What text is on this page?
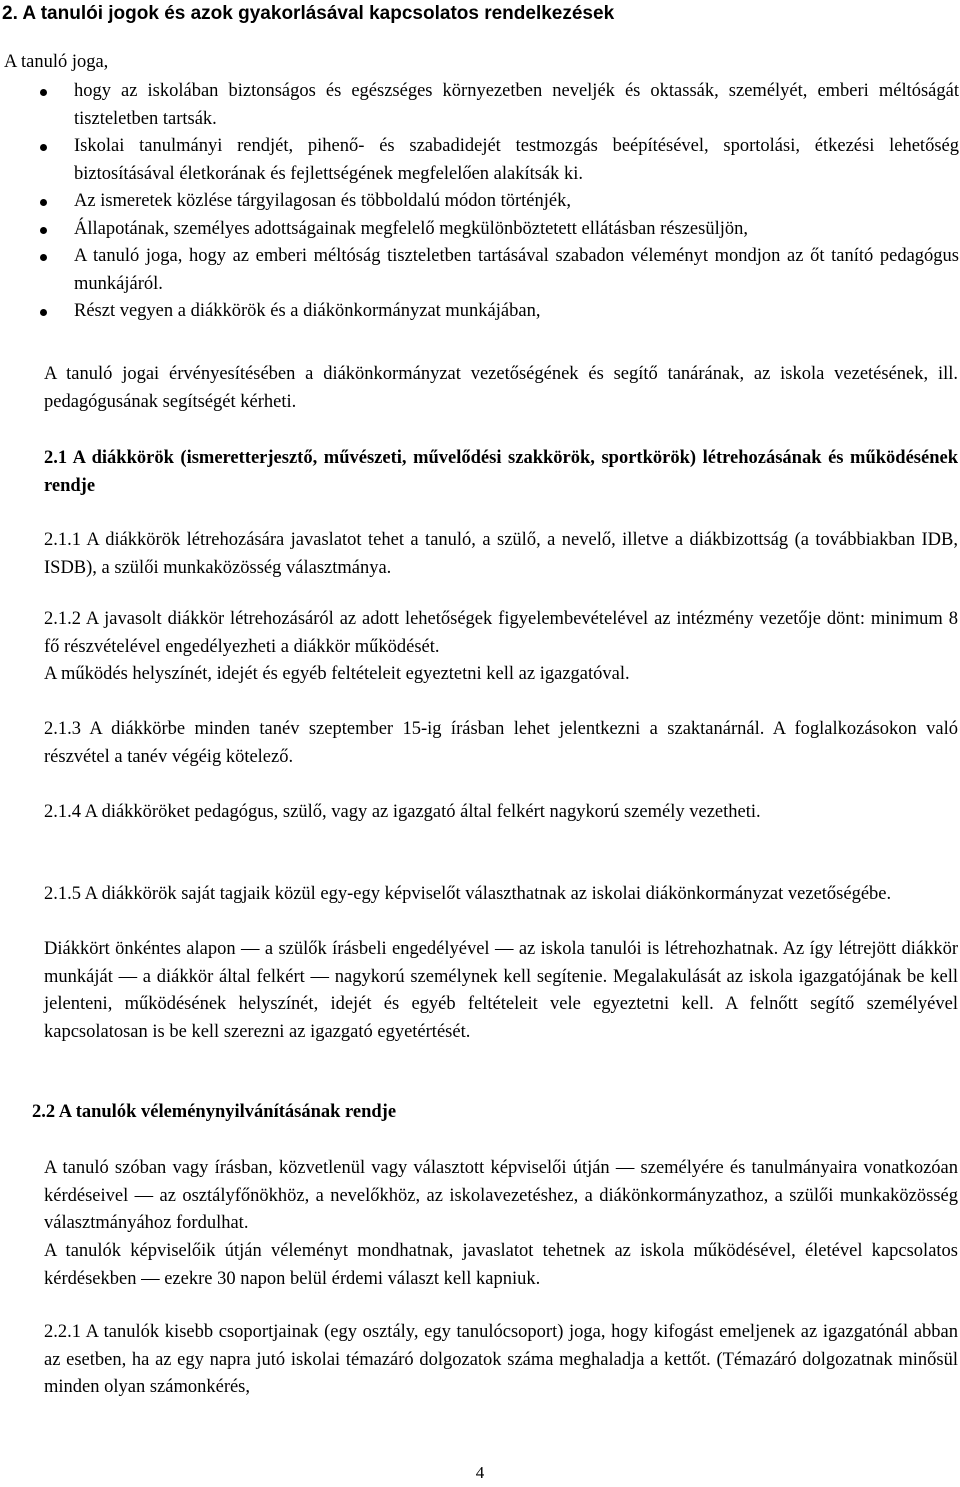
2. A tanulói jogok és azok gyakorlásával kapcsolatos rendelkezések
A tanuló joga,
hogy az iskolában biztonságos és egészséges környezetben neveljék és oktassák, személyét, emberi méltóságát tiszteletben tartsák.
Iskolai tanulmányi rendjét, pihenő- és szabadidejét testmozgás beépítésével, sportolási, étkezési lehetőség biztosításával életkorának és fejlettségének megfelelően alakítsák ki.
Az ismeretek közlése tárgyilagosan és többoldalú módon történjék,
Állapotának, személyes adottságainak megfelelő megkülönböztetett ellátásban részesüljön,
A tanuló joga, hogy az emberi méltóság tiszteletben tartásával szabadon véleményt mondjon az őt tanító pedagógus munkájáról.
Részt vegyen a diákkörök és a diákönkormányzat munkájában,
A tanuló jogai érvényesítésében a diákönkormányzat vezetőségének és segítő tanárának, az iskola vezetésének, ill. pedagógusának segítségét kérheti.
2.1 A diákkörök (ismeretterjesztő, művészeti, művelődési szakkörök, sportkörök) létrehozásának és működésének rendje
2.1.1 A diákkörök létrehozására javaslatot tehet a tanuló, a szülő, a nevelő, illetve a diákbizottság (a továbbiakban IDB, ISDB), a szülői munkaközösség választmánya.
2.1.2 A javasolt diákkör létrehozásáról az adott lehetőségek figyelembevételével az intézmény vezetője dönt: minimum 8 fő részvételével engedélyezheti a diákkör működését.
A működés helyszínét, idejét és egyéb feltételeit egyeztetni kell az igazgatóval.
2.1.3 A diákkörbe minden tanév szeptember 15-ig írásban lehet jelentkezni a szaktanárnál. A foglalkozásokon való részvétel a tanév végéig kötelező.
2.1.4 A diákköröket pedagógus, szülő, vagy az igazgató által felkért nagykorú személy vezetheti.
2.1.5 A diákkörök saját tagjaik közül egy-egy képviselőt választhatnak az iskolai diákönkormányzat vezetőségébe.
Diákkört önkéntes alapon — a szülők írásbeli engedélyével — az iskola tanulói is létrehozhatnak. Az így létrejött diákkör munkáját — a diákkör által felkért — nagykorú személynek kell segítenie. Megalakulását az iskola igazgatójának be kell jelenteni, működésének helyszínét, idejét és egyéb feltételeit vele egyeztetni kell. A felnőtt segítő személyével kapcsolatosan is be kell szerezni az igazgató egyetértését.
2.2 A tanulók véleménynyilvánításának rendje
A tanuló szóban vagy írásban, közvetlenül vagy választott képviselői útján — személyére és tanulmányaira vonatkozóan kérdéseivel — az osztályfőnökhöz, a nevelőkhöz, az iskolavezetéshez, a diákönkormányzathoz, a szülői munkaközösség választmányához fordulhat.
A tanulók képviselőik útján véleményt mondhatnak, javaslatot tehetnek az iskola működésével, életével kapcsolatos kérdésekben — ezekre 30 napon belül érdemi választ kell kapniuk.
2.2.1 A tanulók kisebb csoportjainak (egy osztály, egy tanulócsoport) joga, hogy kifogást emeljenek az igazgatónál abban az esetben, ha az egy napra jutó iskolai témazáró dolgozatok száma meghaladja a kettőt. (Témazáró dolgozatnak minősül minden olyan számonkérés,
4
